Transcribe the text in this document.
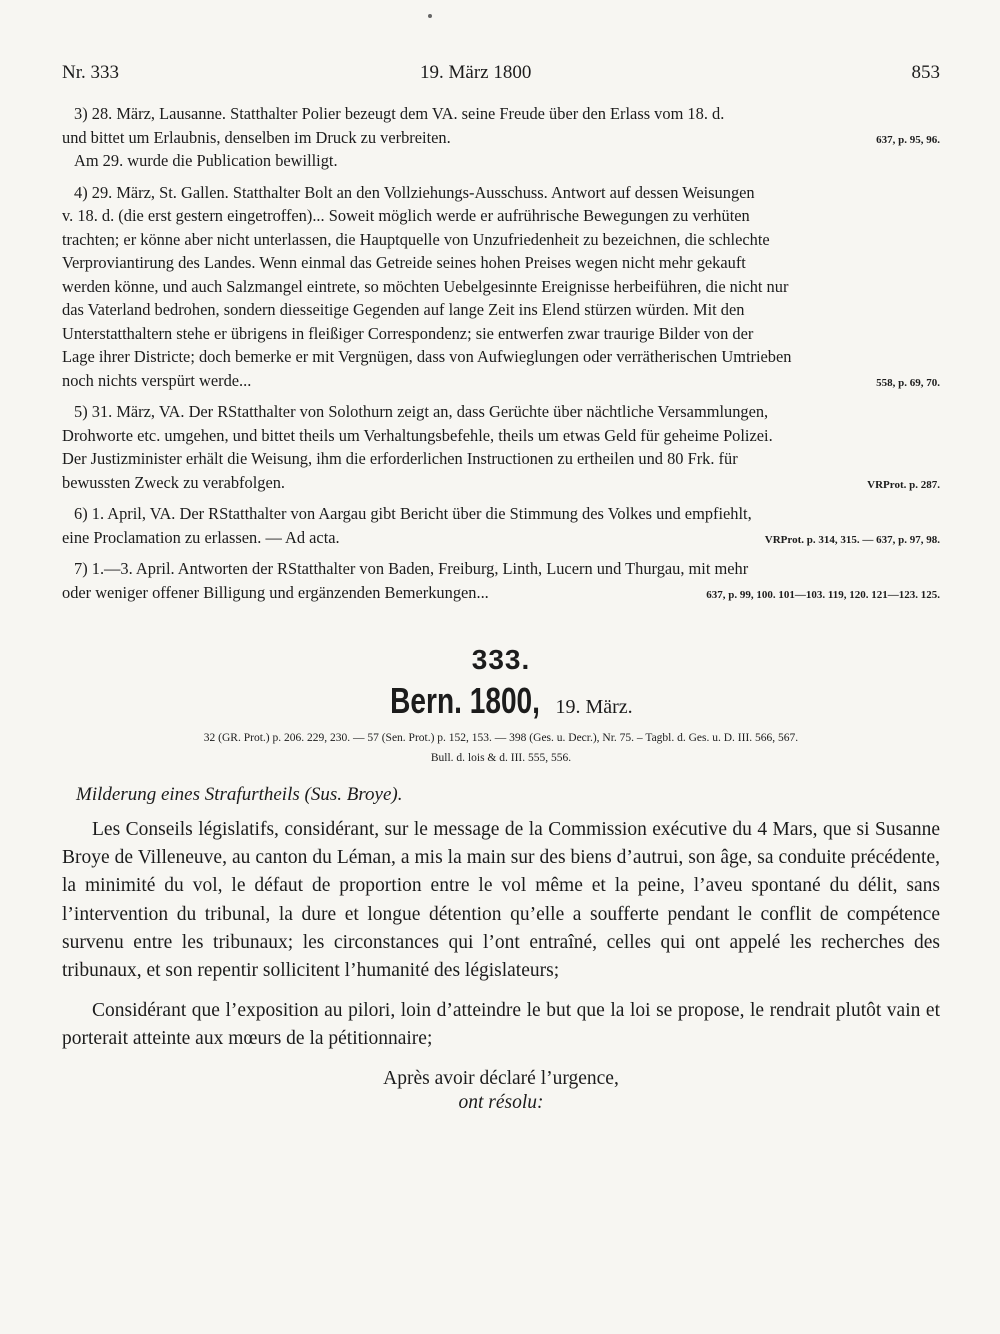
Nr. 333	19. März 1800	853

3) 28. März, Lausanne. Statthalter Polier bezeugt dem VA. seine Freude über den Erlass vom 18. d.

und bittet um Erlaubnis, denselben im Druck zu verbreiten.	637, p. 95, 96.

Am 29. wurde die Publication bewilligt.

4) 29. März, St. Gallen. Statthalter Bolt an den Vollziehungs-Ausschuss. Antwort auf dessen Weisungen

v. 18. d. (die erst gestern eingetroffen)... Soweit möglich werde er aufrührische Bewegungen zu verhüten

trachten; er könne aber nicht unterlassen, die Hauptquelle von Unzufriedenheit zu bezeichnen, die schlechte

Verproviantirung des Landes. Wenn einmal das Getreide seines hohen Preises wegen nicht mehr gekauft

werden könne, und auch Salzmangel eintrete, so möchten Uebelgesinnte Ereignisse herbeiführen, die nicht nur

das Vaterland bedrohen, sondern diesseitige Gegenden auf lange Zeit ins Elend stürzen würden. Mit den

Unterstatthaltern stehe er übrigens in fleißiger Correspondenz; sie entwerfen zwar traurige Bilder von der

Lage ihrer Districte; doch bemerke er mit Vergnügen, dass von Aufwieglungen oder verrätherischen Umtrieben

noch nichts verspürt werde...	558, p. 69, 70.

5) 31. März, VA. Der RStatthalter von Solothurn zeigt an, dass Gerüchte über nächtliche Versammlungen,

Drohworte etc. umgehen, und bittet theils um Verhaltungsbefehle, theils um etwas Geld für geheime Polizei.

Der Justizminister erhält die Weisung, ihm die erforderlichen Instructionen zu ertheilen und 80 Frk. für

bewussten Zweck zu verabfolgen.	VRProt. p. 287.

6) 1. April, VA. Der RStatthalter von Aargau gibt Bericht über die Stimmung des Volkes und empfiehlt,

eine Proclamation zu erlassen. — Ad acta.	VRProt. p. 314, 315. — 637, p. 97, 98.

7) 1.—3. April. Antworten der RStatthalter von Baden, Freiburg, Linth, Lucern und Thurgau, mit mehr

oder weniger offener Billigung und ergänzenden Bemerkungen...	637, p. 99, 100. 101—103. 119, 120. 121—123. 125.
333.
Bern. 1800, 19. März.
32 (GR. Prot.) p. 206. 229, 230. — 57 (Sen. Prot.) p. 152, 153. — 398 (Ges. u. Decr.), Nr. 75. – Tagbl. d. Ges. u. D. III. 566, 567.
Bull. d. lois & d. III. 555, 556.
Milderung eines Strafurtheils (Sus. Broye).

Les Conseils législatifs, considérant, sur le message de la Commission exécutive du 4 Mars, que si Susanne Broye de Villeneuve, au canton du Léman, a mis la main sur des biens d’autrui, son âge, sa conduite précédente, la minimité du vol, le défaut de proportion entre le vol même et la peine, l’aveu spontané du délit, sans l’intervention du tribunal, la dure et longue détention qu’elle a soufferte pendant le conflit de compétence survenu entre les tribunaux; les circonstances qui l’ont entraîné, celles qui ont appelé les recherches des tribunaux, et son repentir sollicitent l’humanité des législateurs;

Considérant que l’exposition au pilori, loin d’atteindre le but que la loi se propose, le rendrait plutôt vain et porterait atteinte aux mœurs de la pétitionnaire;

Après avoir déclaré l’urgence,
ont résolu:
